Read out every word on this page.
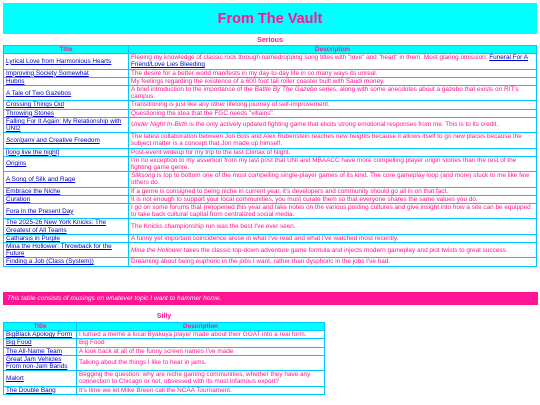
From The Vault
Serious
Title	Description
Lyrical Love from Harmonious Hearts	Fleeing my knowledge of classic rock through namedropping song titles with "love" and "heart" in them. Most glaring omission: Funeral For A Friend/Love Lies Bleeding
Improving Society Somewhat	The desire for a better world manifests in my day-to-day life in so many ways its unreal.
Hubris	My feelings regarding the existence of a 600 foot tall roller coaster built with Saudi money.
A Tale of Two Gazebos	A brief introduction to the importance of the Battle By The Gazebo series, along with some anecdotes about a gazebo that exists on RIT's campus.
Crossing Things Out	Transitioning is just like any other lifelong journey of self-improvement.
Throwing Stones	Questioning the idea that the FGC needs "villains".
Falling For It Again: My Relationship with UNI2	Under Night In-Birth is the only actively updated fighting game that elicits strong emotional responses from me. This is to its credit.
Scorigami and Creative Freedom	The latest collaboration between Jon Bois and Alex Rubenstein reaches new heights because it allows itself to go new places because the subject matter is a concept that Jon made up himself.
[long live the night]	Post-event writeup for my trip to the last Climax of Night.
Origins	I'm no exception to my assertion from my last post that UNI and MBAACC have more compelling player origin stories than the rest of the fighting game genre.
A Song of Silk and Rage	Silksong is top to bottom one of the most compelling single-player games of its kind. The core gameplay loop (and more) stuck to me like few others do.
Embrace the Niche	If a genre is consigned to being niche in current year, it's developers and community should go all in on that fact.
Curation	It is not enough to support your local communities, you must curate them so that everyone shares the same values you do.
Fora in the Present Day	I go on some forums that (re)opened this year and take notes on the various posting cultures and give insight into how a site can be equipped to take back cultural capital from centralized social media.
The 2025-26 New York Knicks: The Greatest of All Teams	The Knicks championship run was the best I've ever seen.
Catharsis in Purple	A funny yet important coincidence arose in what I've read and what I've watched most recently.
Mina the Hollower: Throwback for the Future	Mina the Hollower takes the classic top-down adventure game formula and injects modern gameplay and plot twists to great success.
Finding a Job (Class (System))	Dreaming about being euphoric in the jobs I want, rather than dysphoric in the jobs I've had.
This table consists of musings on whatever topic I want to hammer home.
Silly
Title	Description
BigBlack Apology Form	I turned a meme a local Byakuya player made about their GOAT into a real form.
Big Food	Big Food
The All-Name Team	A look back at all of the funny screen names I've made
Great Jam Vehicles From non-Jam Bands	Talking about the things I like to hear in jams.
Malort	Begging the question: why are niche gaming communities, whether they have any connection to Chicago or not, obsessed with its most infamous export?
The Double Bang	It's time we let Mike Breen call the NCAA Tournament.
